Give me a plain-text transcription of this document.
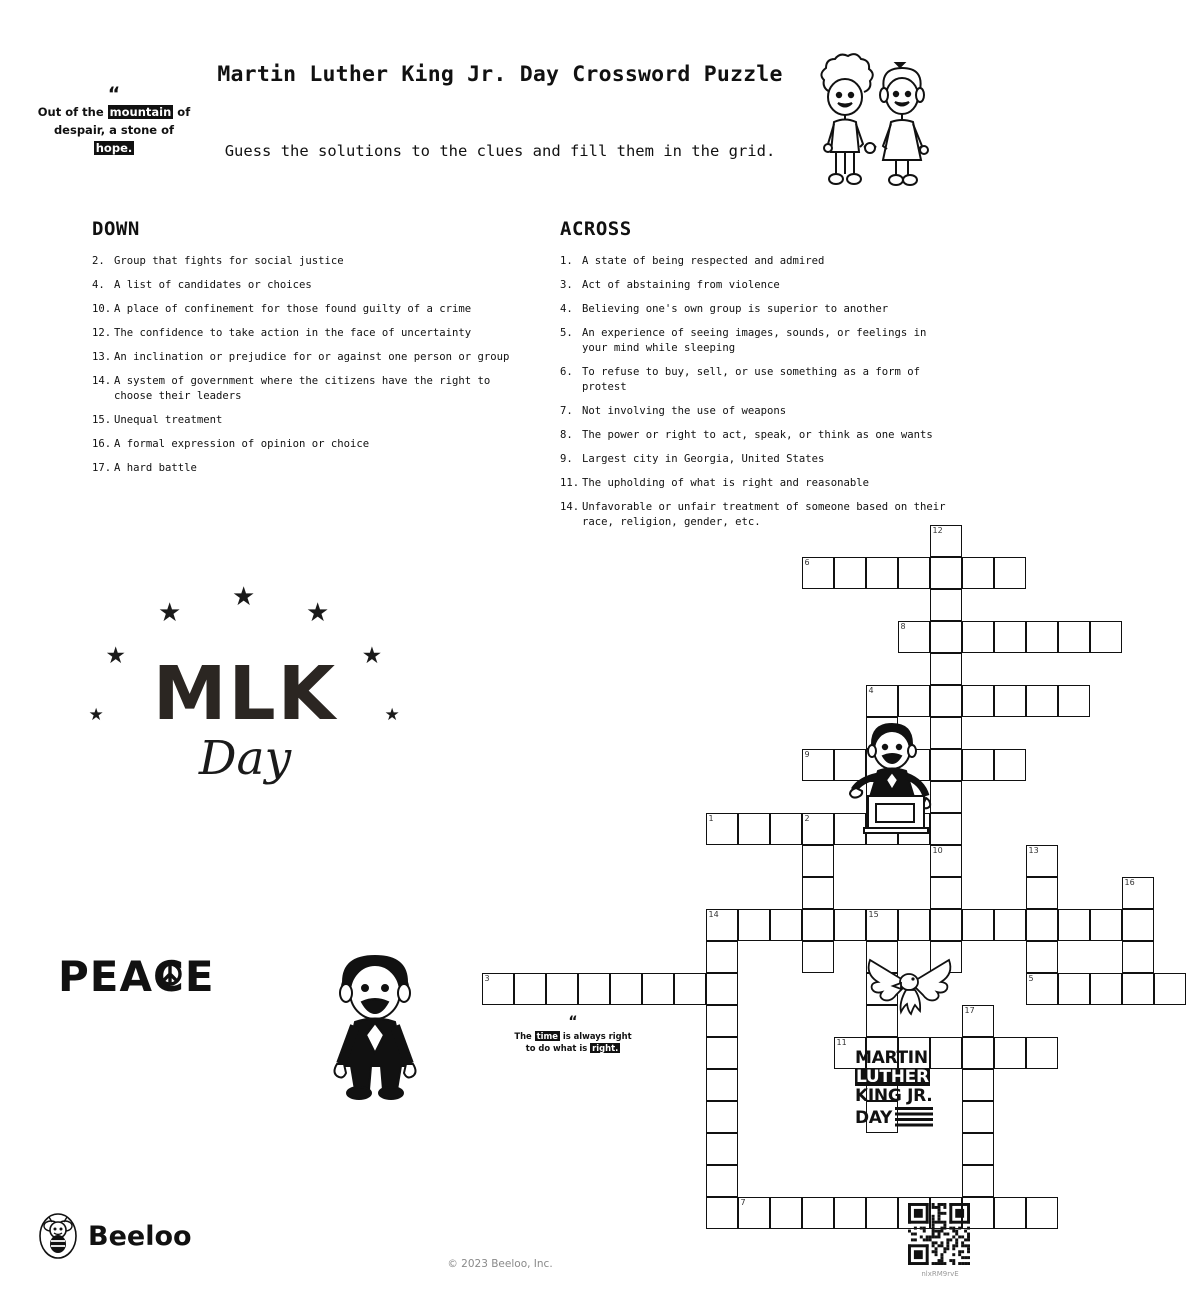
Martin Luther King Jr. Day Crossword Puzzle
Guess the solutions to the clues and fill them in the grid.
“
Out of the mountain of
despair, a stone of
hope.
DOWN
2. Group that fights for social justice
4. A list of candidates or choices
10. A place of confinement for those found guilty of a crime
12. The confidence to take action in the face of uncertainty
13. An inclination or prejudice for or against one person or group
14. A system of government where the citizens have the right to choose their leaders
15. Unequal treatment
16. A formal expression of opinion or choice
17. A hard battle
ACROSS
1. A state of being respected and admired
3. Act of abstaining from violence
4. Believing one's own group is superior to another
5. An experience of seeing images, sounds, or feelings in your mind while sleeping
6. To refuse to buy, sell, or use something as a form of protest
7. Not involving the use of weapons
8. The power or right to act, speak, or think as one wants
9. Largest city in Georgia, United States
11. The upholding of what is right and reasonable
14. Unfavorable or unfair treatment of someone based on their race, religion, gender, etc.
12
6
8
4
9
1	2
10	13
16
14	15
3	5
17
11
7
★
★
★
★
★
★
★
MLK
Day
PEAC
E
“
The time is always right
to do what is right.	MARTIN
LUTHER
KING JR.
DAY
Beeloo
© 2023 Beeloo, Inc.
nlxRM9rvE
